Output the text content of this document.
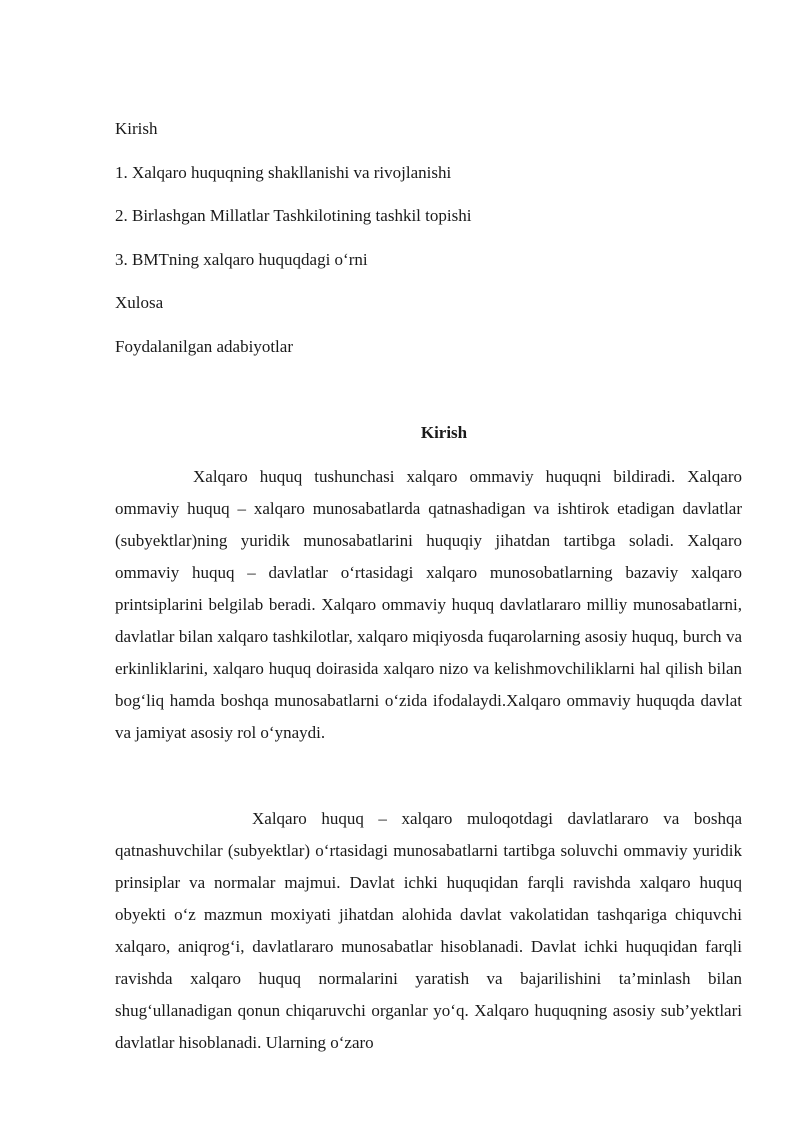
Kirish
1. Xalqaro huquqning shakllanishi va rivojlanishi
2. Birlashgan Millatlar Tashkilotining tashkil topishi
3. BMTning xalqaro huquqdagi o‘rni
Xulosa
Foydalanilgan adabiyotlar
Kirish

Xalqaro huquq tushunchasi xalqaro ommaviy huquqni bildiradi. Xalqaro ommaviy huquq – xalqaro munosabatlarda qatnashadigan va ishtirok etadigan davlatlar (subyektlar)ning yuridik munosabatlarini huquqiy jihatdan tartibga soladi. Xalqaro ommaviy huquq – davlatlar o‘rtasidagi xalqaro munosobatlarning bazaviy xalqaro printsiplarini belgilab beradi. Xalqaro ommaviy huquq davlatlararo milliy munosabatlarni, davlatlar bilan xalqaro tashkilotlar, xalqaro miqiyosda fuqarolarning asosiy huquq, burch va erkinliklarini, xalqaro huquq doirasida xalqaro nizo va kelishmovchiliklarni hal qilish bilan bog‘liq hamda boshqa munosabatlarni o‘zida ifodalaydi.Xalqaro ommaviy huquqda davlat va jamiyat asosiy rol o‘ynaydi.

Xalqaro huquq – xalqaro muloqotdagi davlatlararo va boshqa qatnashuvchilar (subyektlar) o‘rtasidagi munosabatlarni tartibga soluvchi ommaviy yuridik prinsiplar va normalar majmui. Davlat ichki huquqidan farqli ravishda xalqaro huquq obyekti o‘z mazmun moxiyati jihatdan alohida davlat vakolatidan tashqariga chiquvchi xalqaro, aniqrog‘i, davlatlararo munosabatlar hisoblanadi. Davlat ichki huquqidan farqli ravishda xalqaro huquq normalarini yaratish va bajarilishini ta’minlash bilan shug‘ullanadigan qonun chiqaruvchi organlar yo‘q. Xalqaro huquqning asosiy sub’yektlari davlatlar hisoblanadi. Ularning o‘zaro
